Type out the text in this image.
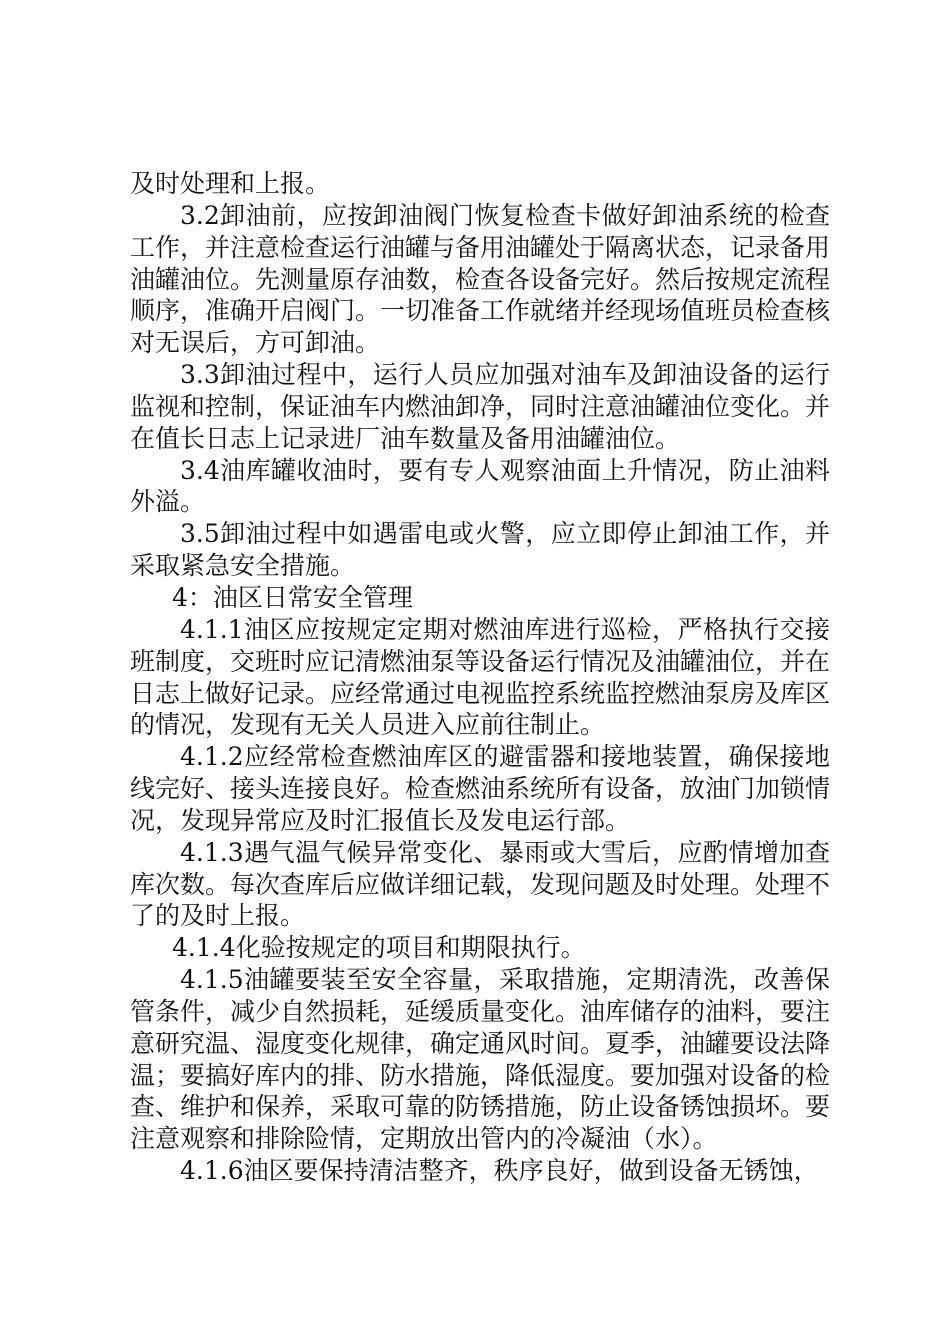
及时处理和上报。

3.2卸油前，应按卸油阀门恢复检查卡做好卸油系统的检查工作，并注意检查运行油罐与备用油罐处于隔离状态，记录备用油罐油位。先测量原存油数，检查各设备完好。然后按规定流程顺序，准确开启阀门。一切准备工作就绪并经现场值班员检查核对无误后，方可卸油。

3.3卸油过程中，运行人员应加强对油车及卸油设备的运行监视和控制，保证油车内燃油卸净，同时注意油罐油位变化。并在值长日志上记录进厂油车数量及备用油罐油位。

3.4油库罐收油时，要有专人观察油面上升情况，防止油料外溢。

3.5卸油过程中如遇雷电或火警，应立即停止卸油工作，并采取紧急安全措施。

4：油区日常安全管理

4.1.1油区应按规定定期对燃油库进行巡检，严格执行交接班制度，交班时应记清燃油泵等设备运行情况及油罐油位，并在日志上做好记录。应经常通过电视监控系统监控燃油泵房及库区的情况，发现有无关人员进入应前往制止。

4.1.2应经常检查燃油库区的避雷器和接地装置，确保接地线完好、接头连接良好。检查燃油系统所有设备，放油门加锁情况，发现异常应及时汇报值长及发电运行部。

4.1.3遇气温气候异常变化、暴雨或大雪后，应酌情增加查库次数。每次查库后应做详细记载，发现问题及时处理。处理不了的及时上报。

4.1.4化验按规定的项目和期限执行。

4.1.5油罐要装至安全容量，采取措施，定期清洗，改善保管条件，减少自然损耗，延缓质量变化。油库储存的油料，要注意研究温、湿度变化规律，确定通风时间。夏季，油罐要设法降温；要搞好库内的排、防水措施，降低湿度。要加强对设备的检查、维护和保养，采取可靠的防锈措施，防止设备锈蚀损坏。要注意观察和排除险情，定期放出管内的冷凝油（水）。

4.1.6油区要保持清洁整齐，秩序良好，做到设备无锈蚀，
